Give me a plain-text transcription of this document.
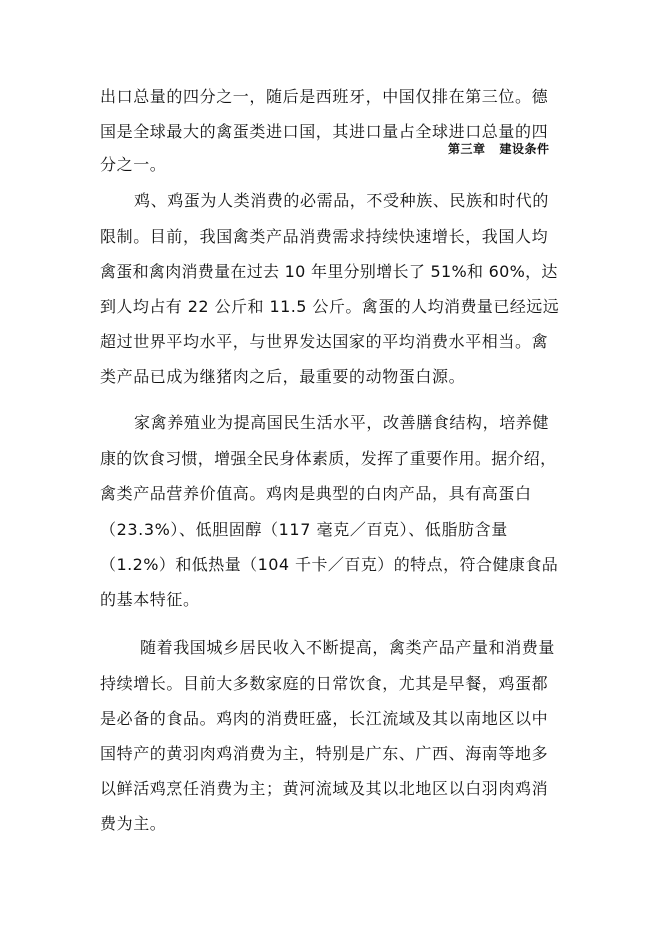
第三章 建设条件
出口总量的四分之一，随后是西班牙，中国仅排在第三位。德
国是全球最大的禽蛋类进口国，其进口量占全球进口总量的四
分之一。
鸡、鸡蛋为人类消费的必需品，不受种族、民族和时代的
限制。目前，我国禽类产品消费需求持续快速增长，我国人均
禽蛋和禽肉消费量在过去 10 年里分别增长了 51%和 60%，达
到人均占有 22 公斤和 11.5 公斤。禽蛋的人均消费量已经远远
超过世界平均水平，与世界发达国家的平均消费水平相当。禽
类产品已成为继猪肉之后，最重要的动物蛋白源。
家禽养殖业为提高国民生活水平，改善膳食结构，培养健
康的饮食习惯，增强全民身体素质，发挥了重要作用。据介绍，
禽类产品营养价值高。鸡肉是典型的白肉产品，具有高蛋白
（23.3%）、低胆固醇（117 毫克／百克）、低脂肪含量
（1.2%）和低热量（104 千卡／百克）的特点，符合健康食品
的基本特征。
随着我国城乡居民收入不断提高，禽类产品产量和消费量
持续增长。目前大多数家庭的日常饮食，尤其是早餐，鸡蛋都
是必备的食品。鸡肉的消费旺盛，长江流域及其以南地区以中
国特产的黄羽肉鸡消费为主，特别是广东、广西、海南等地多
以鲜活鸡烹任消费为主；黄河流域及其以北地区以白羽肉鸡消
费为主。
